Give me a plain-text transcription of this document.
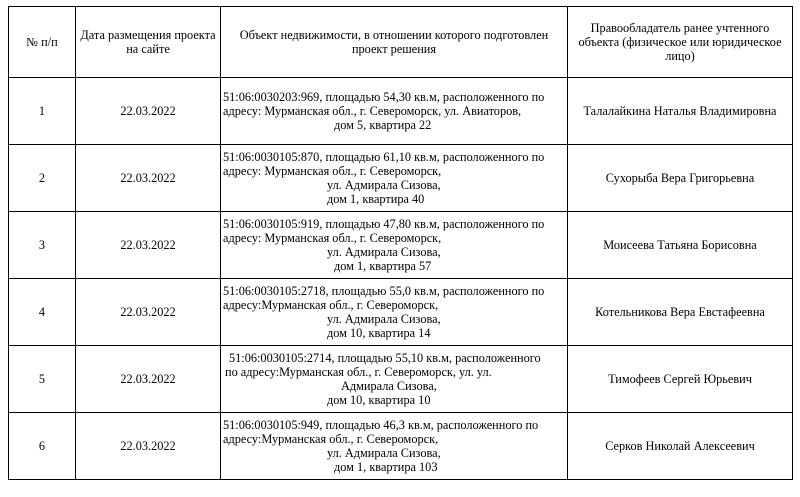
№ п/п	Дата размещения проекта на сайте	Объект недвижимости, в отношении которого подготовлен проект решения	Правообладатель ранее учтенного объекта (физическое или юридическое лицо)
1	22.03.2022	51:06:0030203:969, площадью 54,30 кв.м, расположенного по
адресу: Мурманская обл., г. Североморск, ул. Авиаторов,
дом 5, квартира 22	Талалайкина Наталья Владимировна
2	22.03.2022	51:06:0030105:870, площадью 61,10 кв.м, расположенного по
адресу: Мурманская обл., г. Североморск,
ул. Адмирала Сизова,
дом 1, квартира 40	Сухорыба Вера Григорьевна
3	22.03.2022	51:06:0030105:919, площадью 47,80 кв.м, расположенного по
адресу: Мурманская обл., г. Североморск,
ул. Адмирала Сизова,
дом 1, квартира 57	Моисеева Татьяна Борисовна
4	22.03.2022	51:06:0030105:2718, площадью 55,0 кв.м, расположенного по
адресу:Мурманская обл., г. Североморск,
ул. Адмирала Сизова,
дом 10, квартира 14	Котельникова Вера Евстафеевна
5	22.03.2022	51:06:0030105:2714, площадью 55,10 кв.м, расположенного
по адресу:Мурманская обл., г. Североморск, ул. ул.
Адмирала Сизова,
дом 10, квартира 10	Тимофеев Сергей Юрьевич
6	22.03.2022	51:06:0030105:949, площадью 46,3 кв.м, расположенного по
адресу:Мурманская обл., г. Североморск,
ул. Адмирала Сизова,
дом 1, квартира 103	Серков Николай Алексеевич
